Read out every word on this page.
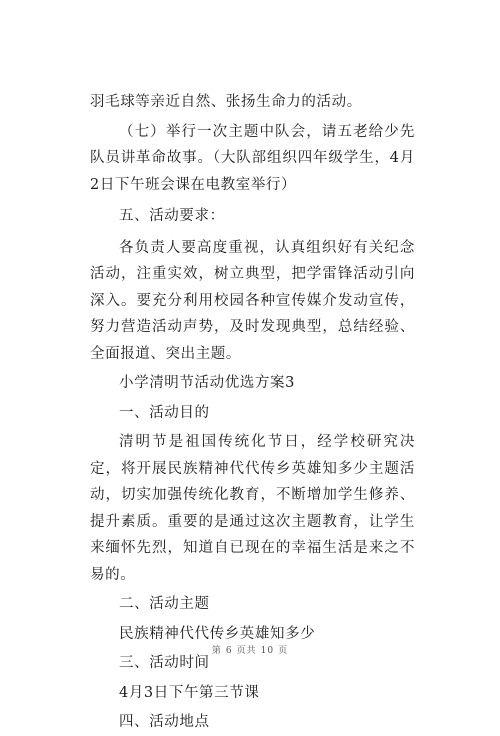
羽毛球等亲近自然、张扬生命力的活动。

（七）举行一次主题中队会，请五老给少先队员讲革命故事。（大队部组织四年级学生，4月2日下午班会课在电教室举行）

五、活动要求：

各负责人要高度重视，认真组织好有关纪念活动，注重实效，树立典型，把学雷锋活动引向深入。要充分利用校园各种宣传媒介发动宣传，努力营造活动声势，及时发现典型，总结经验、全面报道、突出主题。

小学清明节活动优选方案3

一、活动目的

清明节是祖国传统化节日，经学校研究决定，将开展民族精神代代传乡英雄知多少主题活动，切实加强传统化教育，不断增加学生修养、提升素质。重要的是通过这次主题教育，让学生来缅怀先烈，知道自已现在的幸福生活是来之不易的。

二、活动主题

民族精神代代传乡英雄知多少

三、活动时间

4月3日下午第三节课

四、活动地点

第 6 页共 10 页
